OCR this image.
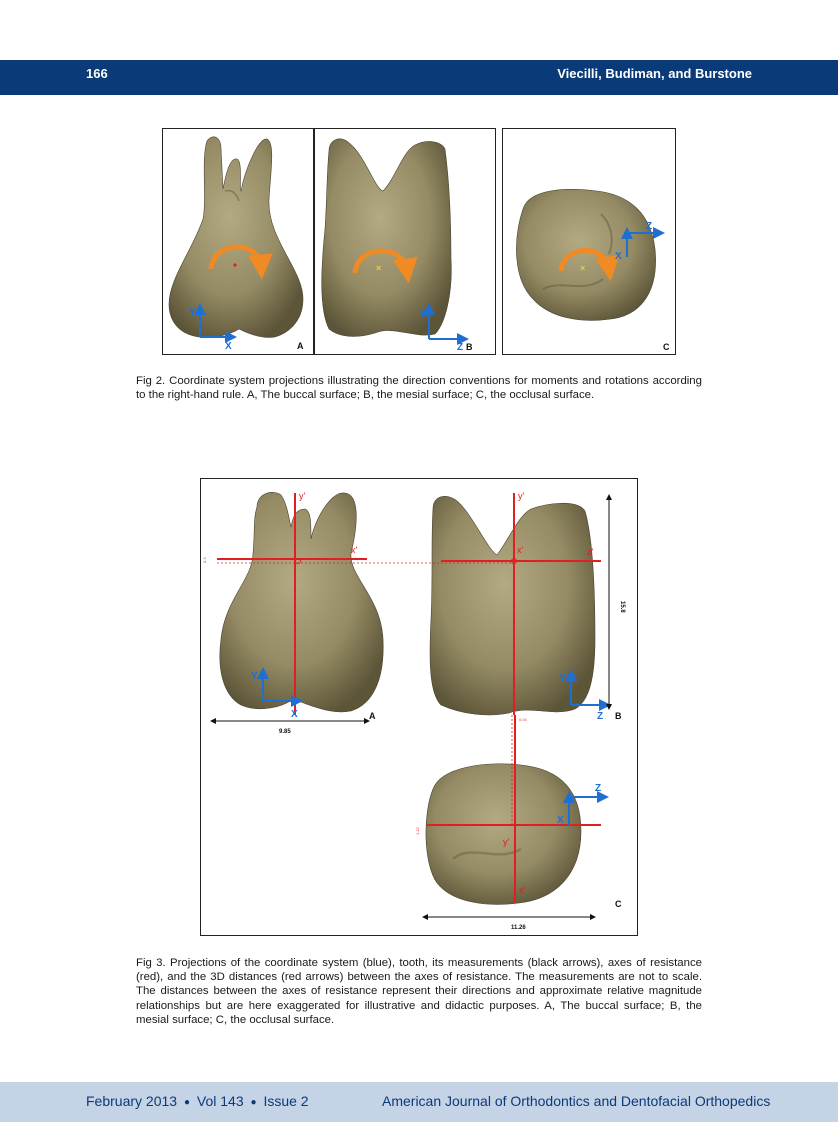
166	Viecilli, Budiman, and Burstone
Y
X	A
×
Y
Z B
×
Z
X
C
Fig 2. Coordinate system projections illustrating the direction conventions for moments and rotations according to the right-hand rule. A, The buccal surface; B, the mesial surface; C, the occlusal surface.
y'
x'
y'
x'	z'
y'
x'
0.3
0.04
1.12
Y
X
Y
Z
Z
X
9.85
15.8
11.26
A	B
C
Fig 3. Projections of the coordinate system (blue), tooth, its measurements (black arrows), axes of resistance (red), and the 3D distances (red arrows) between the axes of resistance. The measurements are not to scale. The distances between the axes of resistance represent their directions and approximate relative magnitude relationships but are here exaggerated for illustrative and didactic purposes. A, The buccal surface; B, the mesial surface; C, the occlusal surface.
February 2013 ● Vol 143 ● Issue 2	American Journal of Orthodontics and Dentofacial Orthopedics
